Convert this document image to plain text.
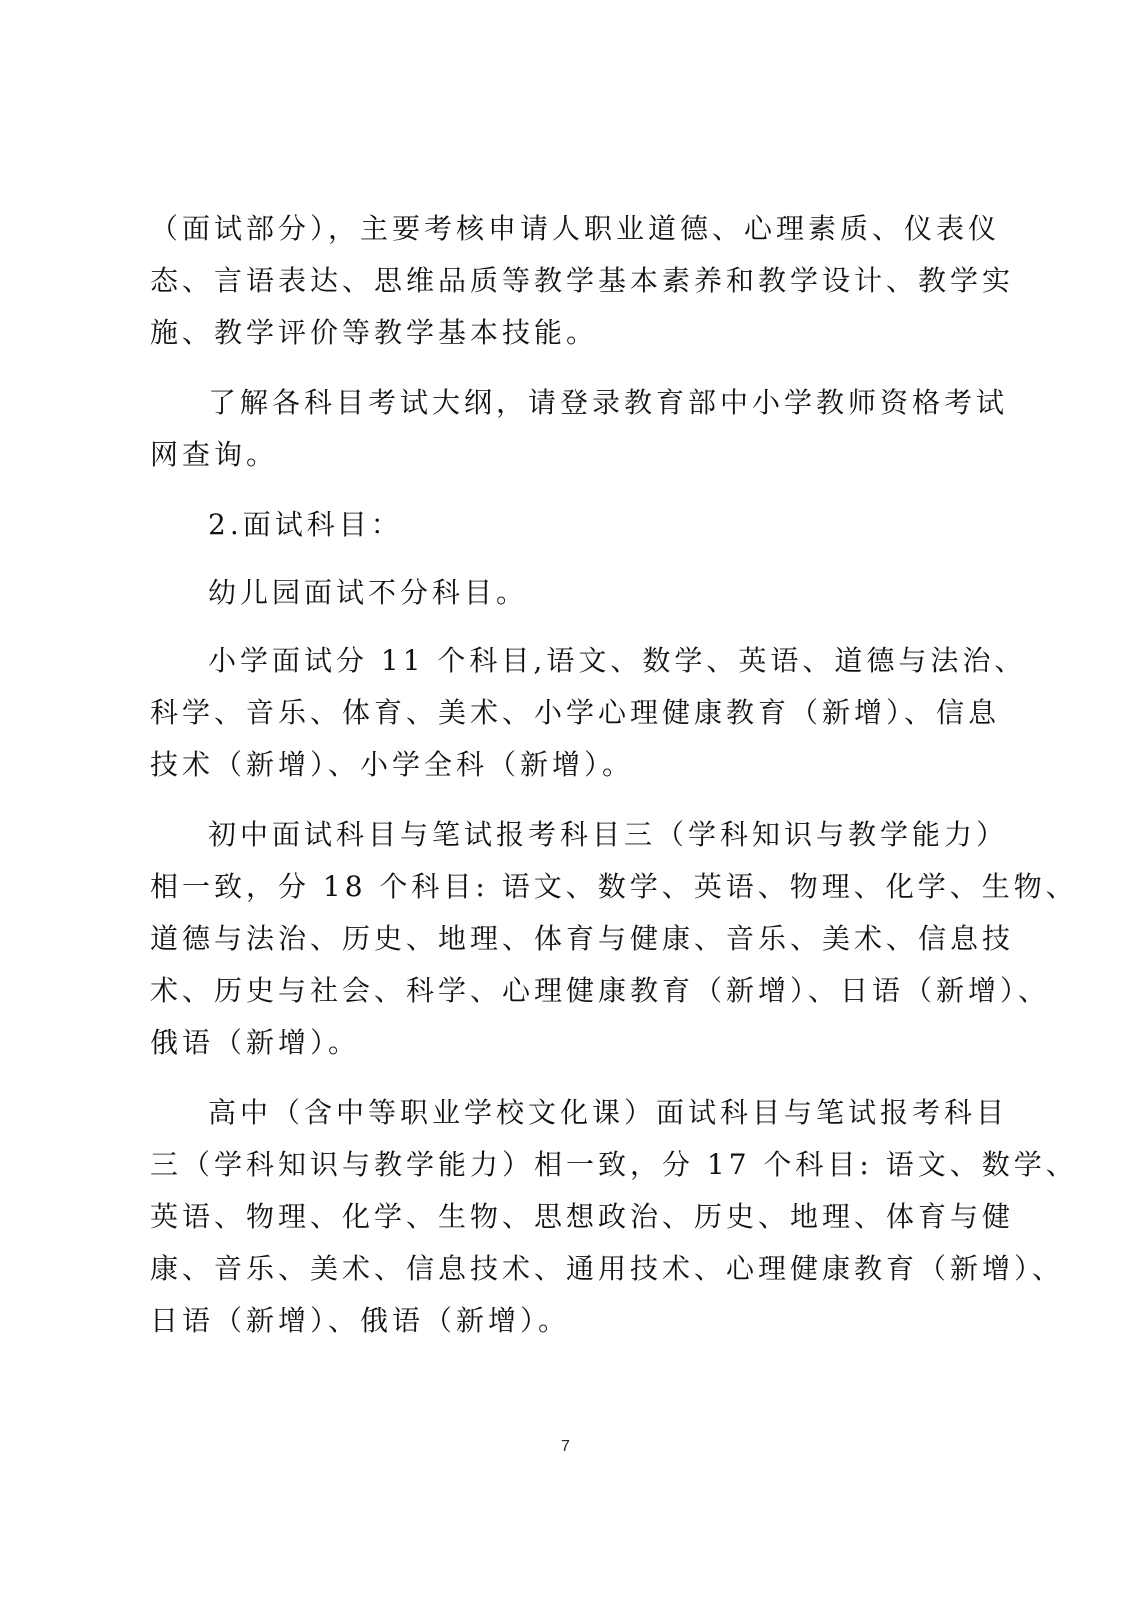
（面试部分），主要考核申请人职业道德、心理素质、仪表仪
态、言语表达、思维品质等教学基本素养和教学设计、教学实
施、教学评价等教学基本技能。
了解各科目考试大纲，请登录教育部中小学教师资格考试
网查询。
2.面试科目：
幼儿园面试不分科目。
小学面试分 11 个科目,语文、数学、英语、道德与法治、
科学、音乐、体育、美术、小学心理健康教育（新增）、信息
技术（新增）、小学全科（新增）。
初中面试科目与笔试报考科目三（学科知识与教学能力）
相一致，分 18 个科目: 语文、数学、英语、物理、化学、生物、
道德与法治、历史、地理、体育与健康、音乐、美术、信息技
术、历史与社会、科学、心理健康教育（新增）、日语（新增）、
俄语（新增）。
高中（含中等职业学校文化课）面试科目与笔试报考科目
三（学科知识与教学能力）相一致，分 17 个科目: 语文、数学、
英语、物理、化学、生物、思想政治、历史、地理、体育与健
康、音乐、美术、信息技术、通用技术、心理健康教育（新增）、
日语（新增）、俄语（新增）。
7
